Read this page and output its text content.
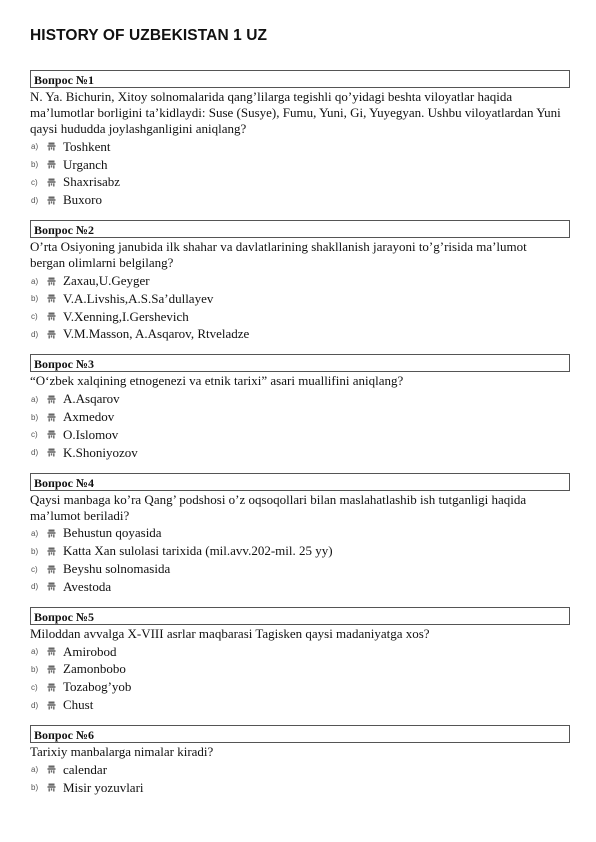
HISTORY OF UZBEKISTAN 1 UZ
Вопрос №1
N. Ya. Bichurin, Xitoy solnomalarida qang’lilarga tegishli qo’yidagi beshta viloyatlar haqida ma’lumotlar borligini ta’kidlaydi: Suse (Susye), Fumu, Yuni, Gi, Yuyegyan. Ushbu viloyatlardan Yuni qaysi hududda joylashganligini aniqlang?
a)	Toshkent
b)	Urganch
c)	Shaxrisabz
d)	Buxoro
Вопрос №2
O’rta Osiyoning janubida ilk shahar va davlatlarining shakllanish jarayoni to’g’risida ma’lumot bergan olimlarni belgilang?
a)	Zaxau,U.Geyger
b)	V.A.Livshis,A.S.Sa’dullayev
c)	V.Xenning,I.Gershevich
d)	V.M.Masson, A.Asqarov, Rtveladze
Вопрос №3
“O‘zbek xalqining etnogenezi va etnik tarixi” asari muallifini aniqlang?
a)	A.Asqarov
b)	Axmedov
c)	O.Islomov
d)	K.Shoniyozov
Вопрос №4
Qaysi manbaga ko’ra Qang’ podshosi o’z oqsoqollari bilan maslahatlashib ish tutganligi haqida ma’lumot beriladi?
a)	Behustun qoyasida
b)	Katta Xan sulolasi tarixida (mil.avv.202-mil. 25 yy)
c)	Beyshu solnomasida
d)	Avestoda
Вопрос №5
Miloddan avvalga X-VIII asrlar maqbarasi Tagisken qaysi madaniyatga xos?
a)	Amirobod
b)	Zamonbobo
c)	Tozabog’yob
d)	Chust
Вопрос №6
Tarixiy manbalarga nimalar kiradi?
a)	calendar
b)	Misir yozuvlari
